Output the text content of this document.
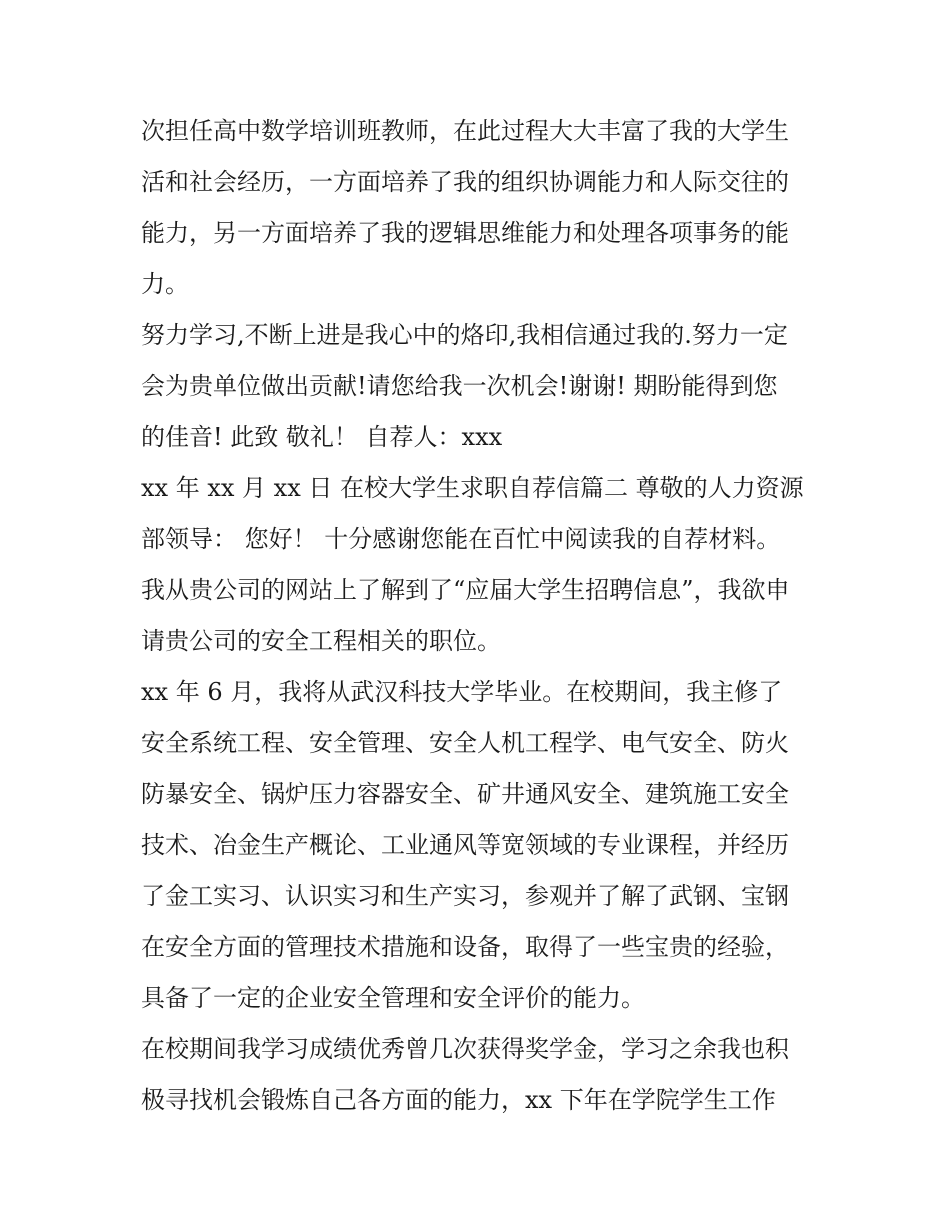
次担任高中数学培训班教师，在此过程大大丰富了我的大学生
活和社会经历，一方面培养了我的组织协调能力和人际交往的
能力，另一方面培养了我的逻辑思维能力和处理各项事务的能
力。
努力学习,不断上进是我心中的烙印,我相信通过我的.努力一定
会为贵单位做出贡献!请您给我一次机会!谢谢! 期盼能得到您
的佳音! 此致 敬礼！ 自荐人：xxx
xx 年 xx 月 xx 日 在校大学生求职自荐信篇二 尊敬的人力资源
部领导： 您好！ 十分感谢您能在百忙中阅读我的自荐材料。
我从贵公司的网站上了解到了“应届大学生招聘信息”，我欲申
请贵公司的安全工程相关的职位。
xx 年 6 月，我将从武汉科技大学毕业。在校期间，我主修了
安全系统工程、安全管理、安全人机工程学、电气安全、防火
防暴安全、锅炉压力容器安全、矿井通风安全、建筑施工安全
技术、冶金生产概论、工业通风等宽领域的专业课程，并经历
了金工实习、认识实习和生产实习，参观并了解了武钢、宝钢
在安全方面的管理技术措施和设备，取得了一些宝贵的经验，
具备了一定的企业安全管理和安全评价的能力。
在校期间我学习成绩优秀曾几次获得奖学金，学习之余我也积
极寻找机会锻炼自己各方面的能力，xx 下年在学院学生工作
